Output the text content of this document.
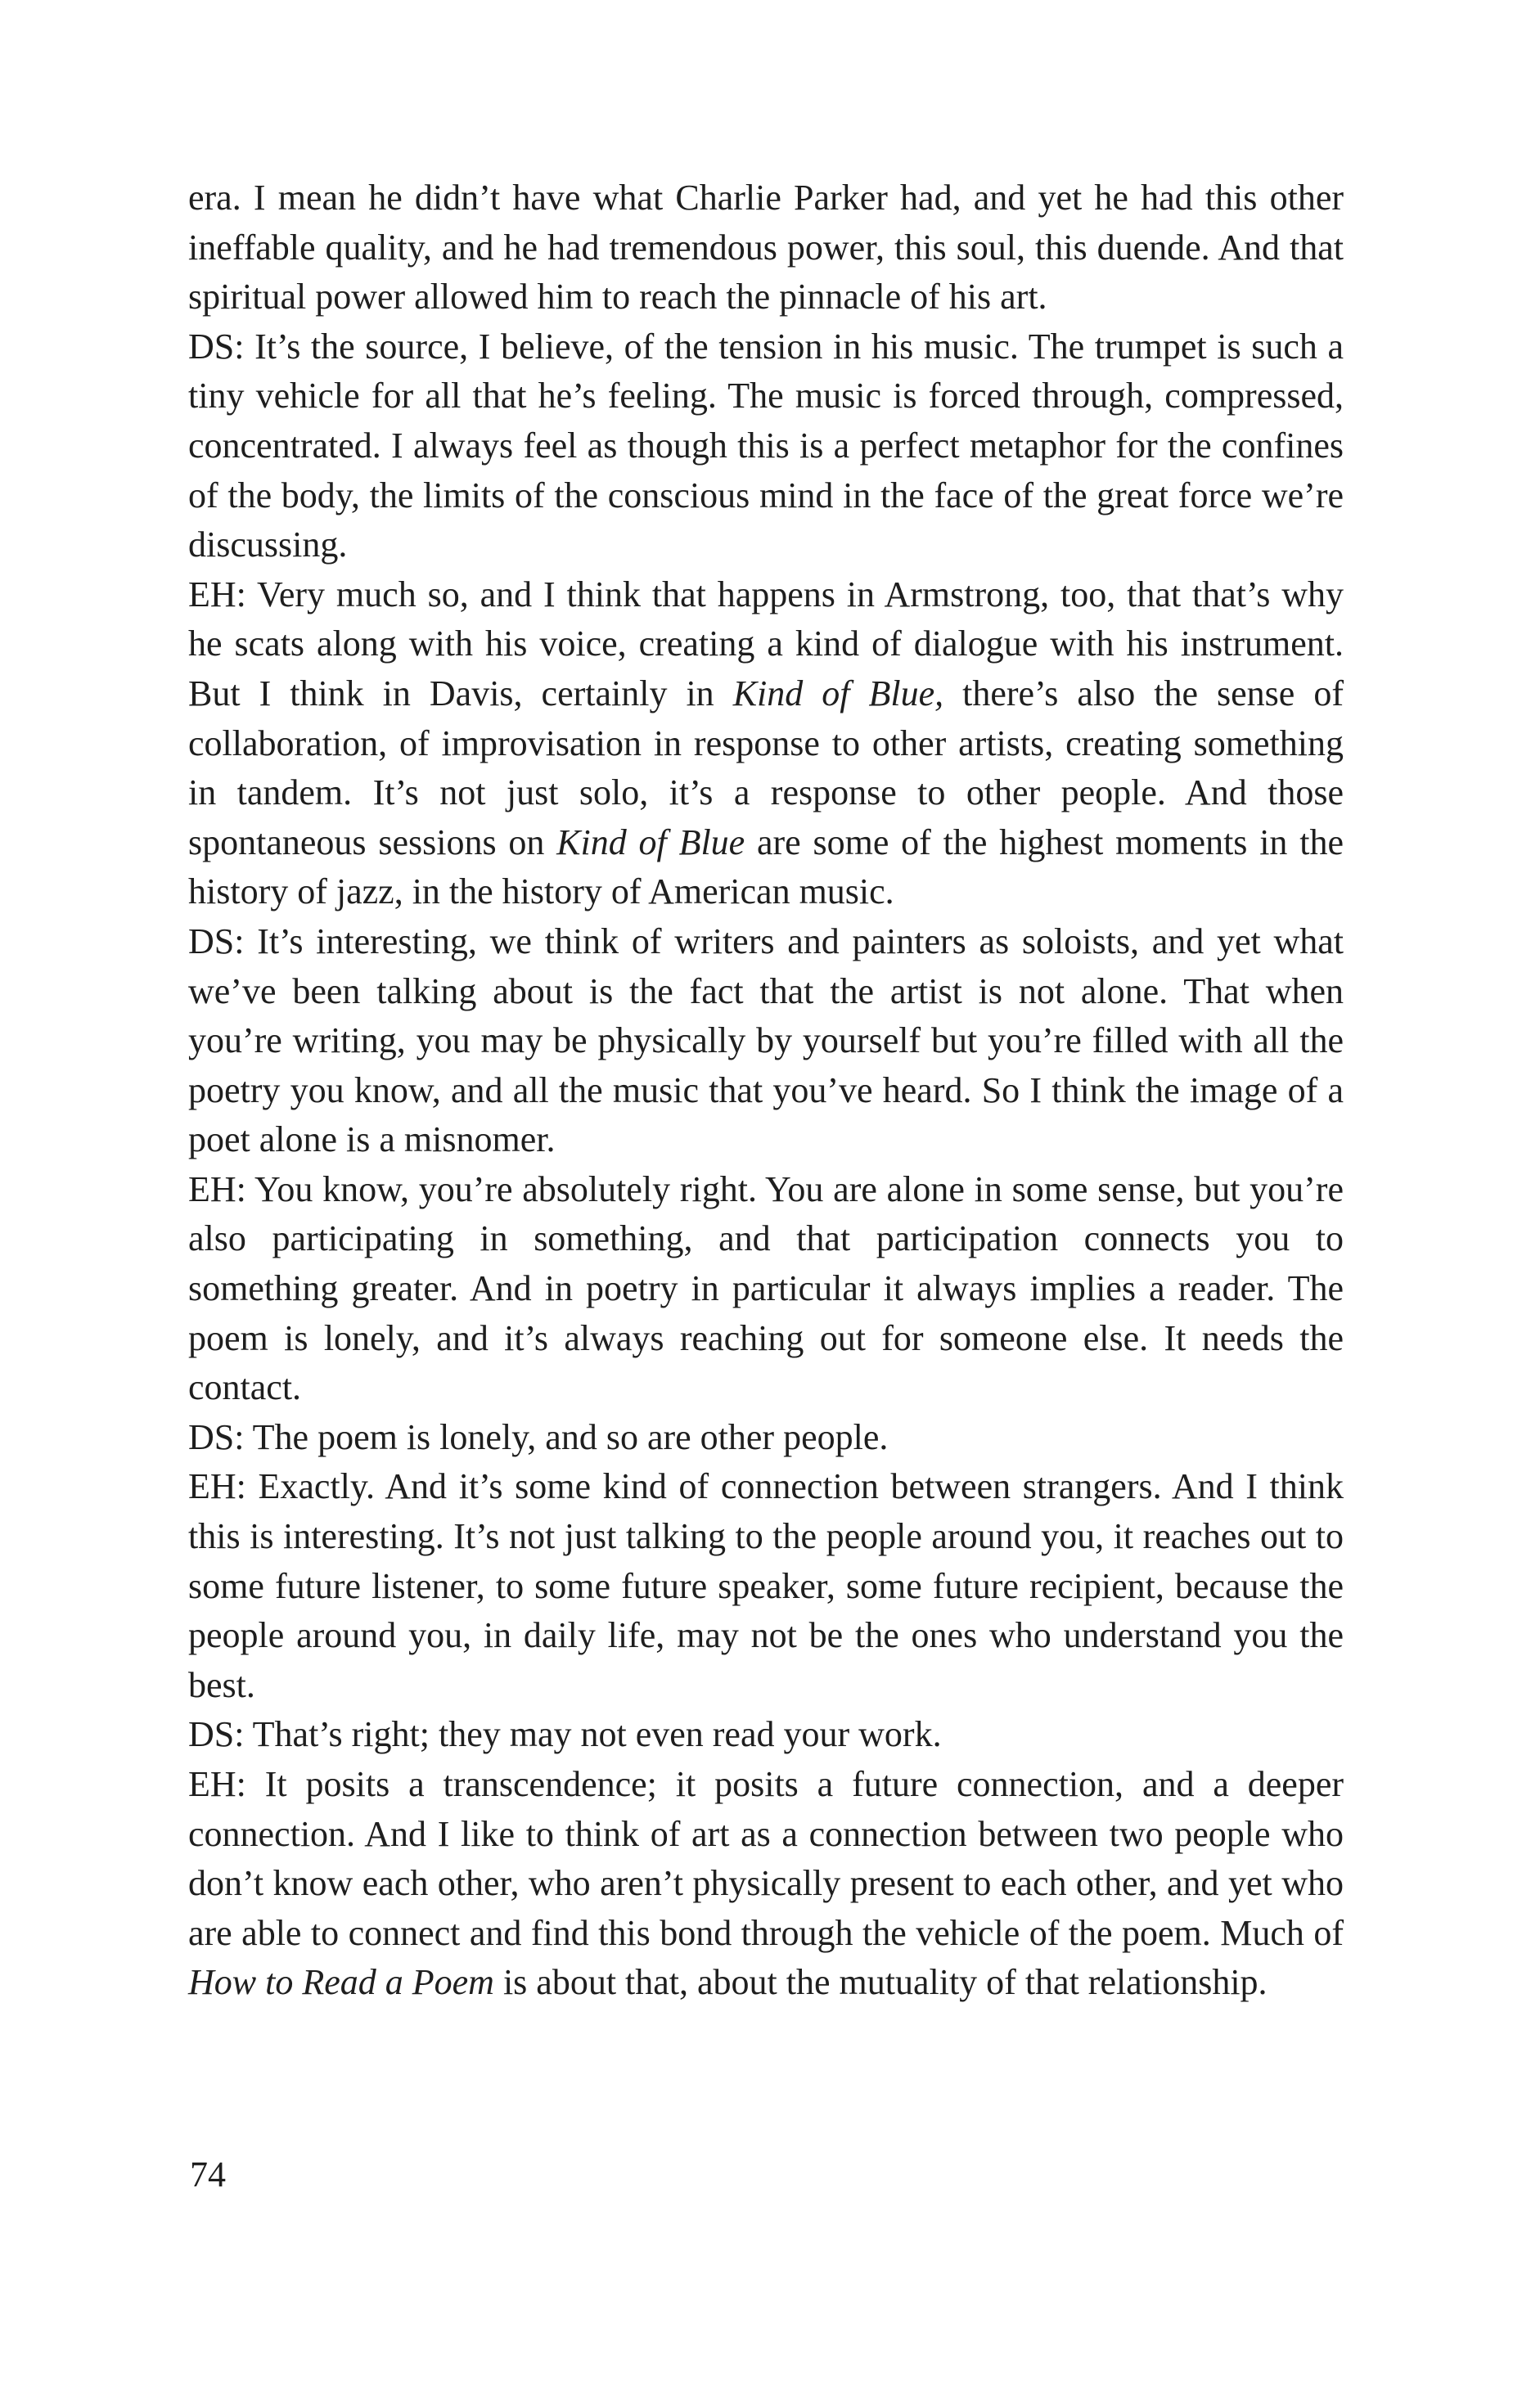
era. I mean he didn’t have what Charlie Parker had, and yet he had this other ineffable quality, and he had tremendous power, this soul, this duende. And that spiritual power allowed him to reach the pinnacle of his art.

DS: It’s the source, I believe, of the tension in his music. The trumpet is such a tiny vehicle for all that he’s feeling. The music is forced through, compressed, concentrated. I always feel as though this is a perfect metaphor for the confines of the body, the limits of the conscious mind in the face of the great force we’re discussing.

EH: Very much so, and I think that happens in Armstrong, too, that that’s why he scats along with his voice, creating a kind of dialogue with his instrument. But I think in Davis, certainly in Kind of Blue, there’s also the sense of collaboration, of improvisation in response to other artists, creating something in tandem. It’s not just solo, it’s a response to other people. And those spontaneous sessions on Kind of Blue are some of the highest moments in the history of jazz, in the history of American music.

DS: It’s interesting, we think of writers and painters as soloists, and yet what we’ve been talking about is the fact that the artist is not alone. That when you’re writing, you may be physically by yourself but you’re filled with all the poetry you know, and all the music that you’ve heard. So I think the image of a poet alone is a misnomer.

EH: You know, you’re absolutely right. You are alone in some sense, but you’re also participating in something, and that participation connects you to something greater. And in poetry in particular it always implies a reader. The poem is lonely, and it’s always reaching out for someone else. It needs the contact.

DS: The poem is lonely, and so are other people.

EH: Exactly. And it’s some kind of connection between strangers. And I think this is interesting. It’s not just talking to the people around you, it reaches out to some future listener, to some future speaker, some future recipient, because the people around you, in daily life, may not be the ones who understand you the best.

DS: That’s right; they may not even read your work.

EH: It posits a transcendence; it posits a future connection, and a deeper connection. And I like to think of art as a connection between two people who don’t know each other, who aren’t physically present to each other, and yet who are able to connect and find this bond through the vehicle of the poem. Much of How to Read a Poem is about that, about the mutuality of that relationship.

74
